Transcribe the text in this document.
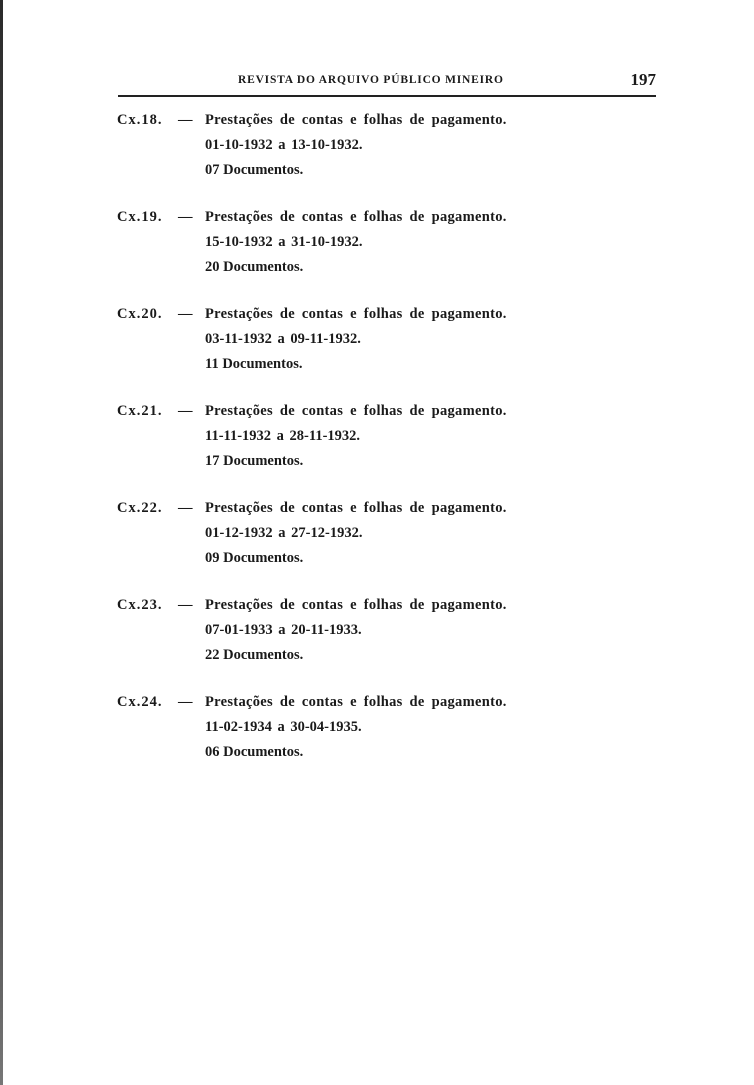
REVISTA DO ARQUIVO PÚBLICO MINEIRO	197
Cx.18. — Prestações de contas e folhas de pagamento.
01-10-1932 a 13-10-1932.
07 Documentos.
Cx.19. — Prestações de contas e folhas de pagamento.
15-10-1932 a 31-10-1932.
20 Documentos.
Cx.20. — Prestações de contas e folhas de pagamento.
03-11-1932 a 09-11-1932.
11 Documentos.
Cx.21. — Prestações de contas e folhas de pagamento.
11-11-1932 a 28-11-1932.
17 Documentos.
Cx.22. — Prestações de contas e folhas de pagamento.
01-12-1932 a 27-12-1932.
09 Documentos.
Cx.23. — Prestações de contas e folhas de pagamento.
07-01-1933 a 20-11-1933.
22 Documentos.
Cx.24. — Prestações de contas e folhas de pagamento.
11-02-1934 a 30-04-1935.
06 Documentos.
